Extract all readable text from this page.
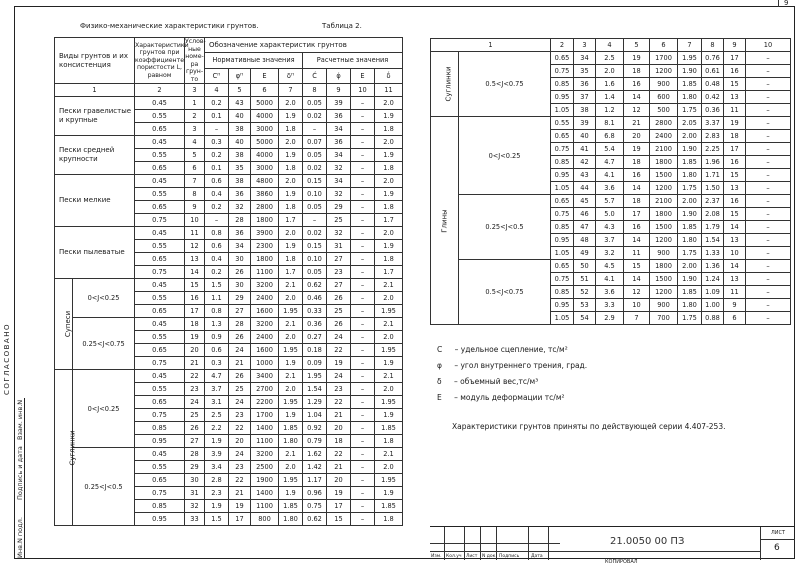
9
СОГЛАСОВАНО
Инв.N подл.
Подпись и дата
Взам. инв.N
Физико-механические характеристики грунтов.	Таблица 2.
Виды грунтов и их консистенция	Характеристики грунтов при коэффициенте пористости L, равном	Услов-ные номе-ра грун-то	Обозначение характеристик грунтов							
			Нормативные значения				Расчетные значения			
			Сᴴ	φᴴ	Е	δᴴ	С̒	φ̒	Е	δ̒
1	2	3	4	5	6	7	8	9	10	11
Пески гравелистые и крупные	0.45	1	0.2	43	5000	2.0	0.05	39	–	2.0
	0.55	2	0.1	40	4000	1.9	0.02	36	–	1.9
	0.65	3	–	38	3000	1.8	–	34	–	1.8
Пески средней крупности	0.45	4	0.3	40	5000	2.0	0.07	36	–	2.0
	0.55	5	0.2	38	4000	1.9	0.05	34	–	1.9
	0.65	6	0.1	35	3000	1.8	0.02	32	–	1.8
Пески мелкие	0.45	7	0.6	38	4800	2.0	0.15	34	–	2.0
	0.55	8	0.4	36	3860	1.9	0.10	32	–	1.9
	0.65	9	0.2	32	2800	1.8	0.05	29	–	1.8
	0.75	10	–	28	1800	1.7	–	25	–	1.7
Пески пылеватые	0.45	11	0.8	36	3900	2.0	0.02	32	–	2.0
	0.55	12	0.6	34	2300	1.9	0.15	31	–	1.9
	0.65	13	0.4	30	1800	1.8	0.10	27	–	1.8
	0.75	14	0.2	26	1100	1.7	0.05	23	–	1.7
1		2	3	4	5	6	7	8	9	10	
Суглинки	0.5<J<0.75	0.65	34	2.5	19	1700	1.95	0.76	17	–	
		0.75	35	2.0	18	1200	1.90	0.61	16	–	
		0.85	36	1.6	16	900	1.85	0.48	15	–	
		0.95	37	1.4	14	600	1.80	0.42	13	–	
		1.05	38	1.2	12	500	1.75	0.36	11	–	
Глины	0<J<0.25	0.55	39	8.1	21	2800	2.05	3.37	19	–	
		0.65	40	6.8	20	2400	2.00	2.83	18	–	
		0.75	41	5.4	19	2100	1.90	2.25	17	–	
		0.85	42	4.7	18	1800	1.85	1.96	16	–	
		0.95	43	4.1	16	1500	1.80	1.71	15	–	
		1.05	44	3.6	14	1200	1.75	1.50	13	–	
	0.25<J<0.5	0.65	45	5.7	18	2100	2.00	2.37	16	–	
		0.75	46	5.0	17	1800	1.90	2.08	15	–	
		0.85	47	4.3	16	1500	1.85	1.79	14	–	
		0.95	48	3.7	14	1200	1.80	1.54	13	–	
		1.05	49	3.2	11	900	1.75	1.33	10	–	
	0.5<J<0.75	0.65	50	4.5	15	1800	2.00	1.36	14	–	
		0.75	51	4.1	14	1500	1.90	1.24	13	–	
		0.85	52	3.6	12	1200	1.85	1.09	11	–	
		0.95	53	3.3	10	900	1.80	1.00	9	–	
		1.05	54	2.9	7	700	1.75	0.88	6	–	
С – удельное сцепление, тс/м²
φ – угол внутреннего трения, град.
δ – объемный вес,тс/м³
Е – модуль деформации тс/м²
Характеристики грунтов приняты по действующей серии 4.407-253.
Изм. Кол.уч Лист N док. Подпись	Дата
21.0050 00 ПЗ
ЛИСТ
6
КОПИРОВАЛ
Супеси	0<J<0.25	0.45	15	1.5	30	3200	2.1	0.62	27	–	2.1
		0.55	16	1.1	29	2400	2.0	0.46	26	–	2.0
		0.65	17	0.8	27	1600	1.95	0.33	25	–	1.95
	0.25<J<0.75	0.45	18	1.3	28	3200	2.1	0.36	26	–	2.1
		0.55	19	0.9	26	2400	2.0	0.27	24	–	2.0
		0.65	20	0.6	24	1600	1.95	0.18	22	–	1.95
		0.75	21	0.3	21	1000	1.9	0.09	19	–	1.9
Суглинки	0<J<0.25	0.45	22	4.7	26	3400	2.1	1.95	24	–	2.1
		0.55	23	3.7	25	2700	2.0	1.54	23	–	2.0
		0.65	24	3.1	24	2200	1.95	1.29	22	–	1.95
		0.75	25	2.5	23	1700	1.9	1.04	21	–	1.9
		0.85	26	2.2	22	1400	1.85	0.92	20	–	1.85
		0.95	27	1.9	20	1100	1.80	0.79	18	–	1.8
	0.25<J<0.5	0.45	28	3.9	24	3200	2.1	1.62	22	–	2.1
		0.55	29	3.4	23	2500	2.0	1.42	21	–	2.0
		0.65	30	2.8	22	1900	1.95	1.17	20	–	1.95
		0.75	31	2.3	21	1400	1.9	0.96	19	–	1.9
		0.85	32	1.9	19	1100	1.85	0.75	17	–	1.85
		0.95	33	1.5	17	800	1.80	0.62	15	–	1.8
